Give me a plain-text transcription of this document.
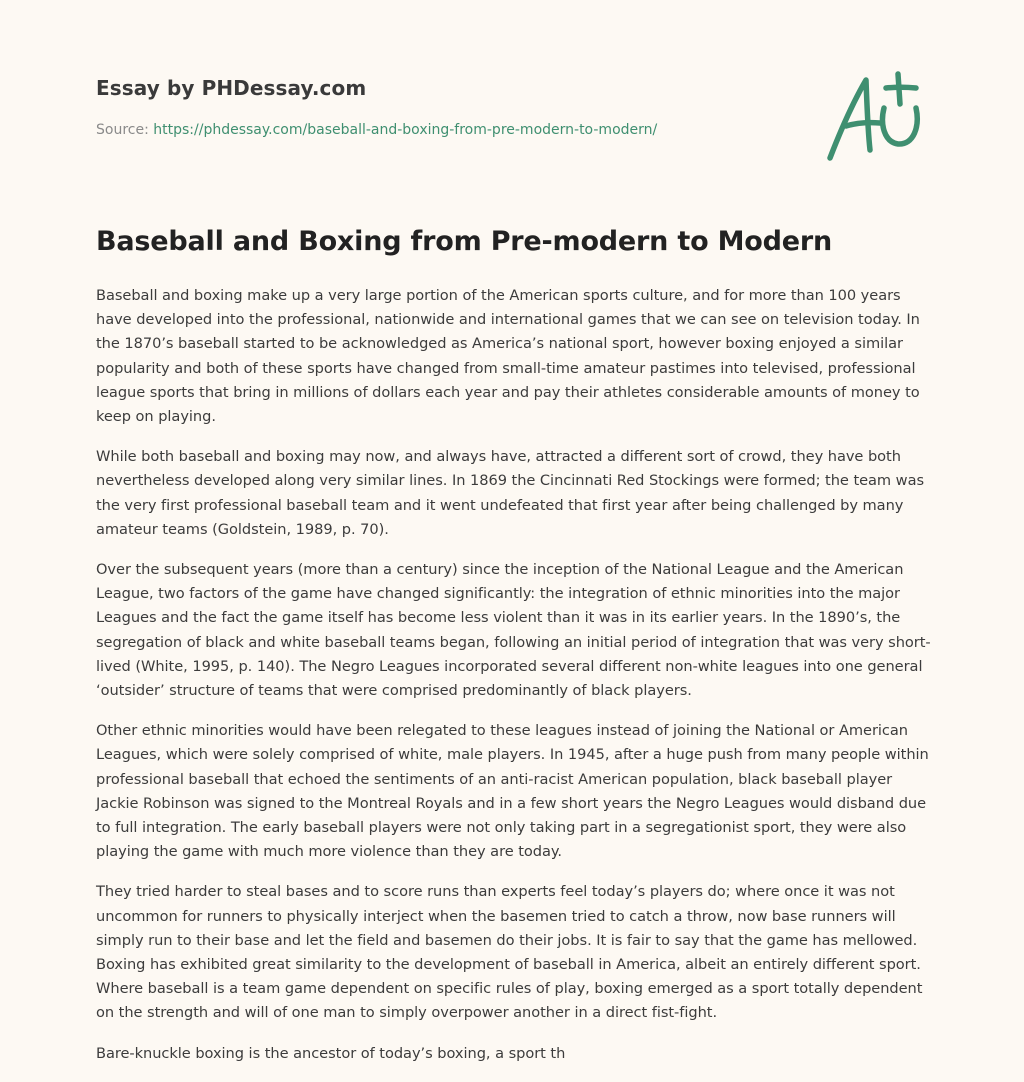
Essay by PHDessay.com
Source: https://phdessay.com/baseball-and-boxing-from-pre-modern-to-modern/
Baseball and Boxing from Pre-modern to Modern

Baseball and boxing make up a very large portion of the American sports culture, and for more than 100 years have developed into the professional, nationwide and international games that we can see on television today. In the 1870’s baseball started to be acknowledged as America’s national sport, however boxing enjoyed a similar popularity and both of these sports have changed from small-time amateur pastimes into televised, professional league sports that bring in millions of dollars each year and pay their athletes considerable amounts of money to keep on playing.

While both baseball and boxing may now, and always have, attracted a different sort of crowd, they have both nevertheless developed along very similar lines. In 1869 the Cincinnati Red Stockings were formed; the team was the very first professional baseball team and it went undefeated that first year after being challenged by many amateur teams (Goldstein, 1989, p. 70).

Over the subsequent years (more than a century) since the inception of the National League and the American League, two factors of the game have changed significantly: the integration of ethnic minorities into the major Leagues and the fact the game itself has become less violent than it was in its earlier years. In the 1890’s, the segregation of black and white baseball teams began, following an initial period of integration that was very short-lived (White, 1995, p. 140). The Negro Leagues incorporated several different non-white leagues into one general ‘outsider’ structure of teams that were comprised predominantly of black players.

Other ethnic minorities would have been relegated to these leagues instead of joining the National or American Leagues, which were solely comprised of white, male players. In 1945, after a huge push from many people within professional baseball that echoed the sentiments of an anti-racist American population, black baseball player Jackie Robinson was signed to the Montreal Royals and in a few short years the Negro Leagues would disband due to full integration. The early baseball players were not only taking part in a segregationist sport, they were also playing the game with much more violence than they are today.

They tried harder to steal bases and to score runs than experts feel today’s players do; where once it was not uncommon for runners to physically interject when the basemen tried to catch a throw, now base runners will simply run to their base and let the field and basemen do their jobs. It is fair to say that the game has mellowed. Boxing has exhibited great similarity to the development of baseball in America, albeit an entirely different sport. Where baseball is a team game dependent on specific rules of play, boxing emerged as a sport totally dependent on the strength and will of one man to simply overpower another in a direct fist-fight.

Bare-knuckle boxing is the ancestor of today’s boxing, a sport th
